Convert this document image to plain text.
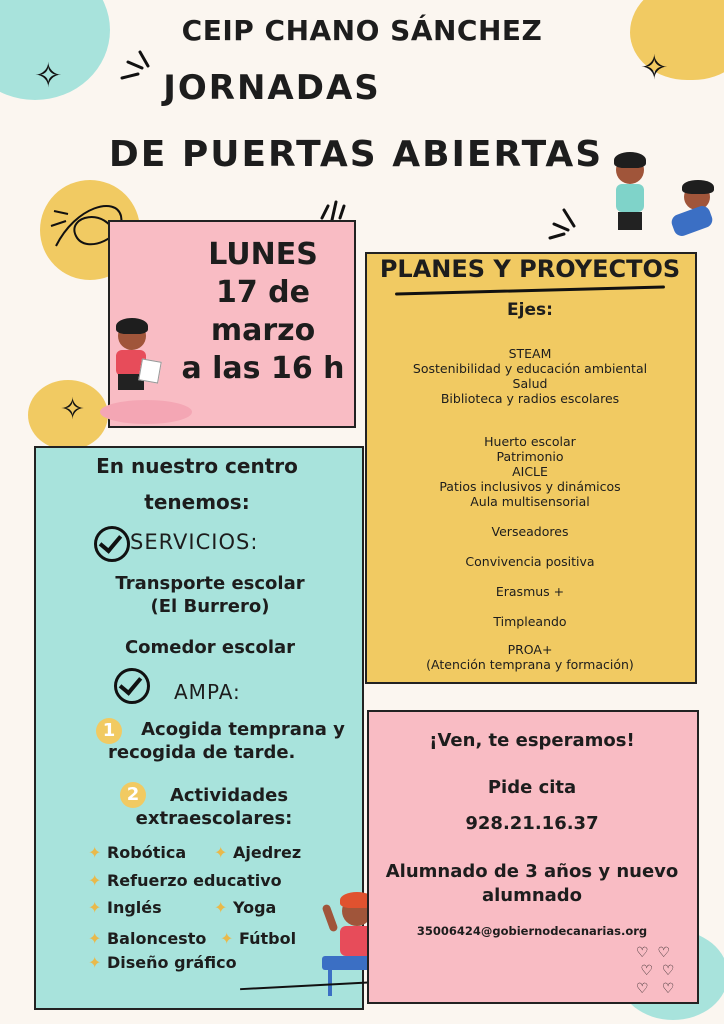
✧	✧
✧
CEIP CHANO SÁNCHEZ
JORNADAS
DE PUERTAS ABIERTAS
LUNES
17 de
marzo
a las 16 h
PLANES Y PROYECTOS
Ejes:
STEAM
Sostenibilidad y educación ambiental
Salud
Biblioteca y radios escolares
Huerto escolar
Patrimonio
AICLE
Patios inclusivos y dinámicos
Aula multisensorial
Verseadores
Convivencia positiva
Erasmus +
Timpleando
PROA+
(Atención temprana y formación)
En nuestro centro
tenemos:
SERVICIOS:
Transporte escolar
(El Burrero)
Comedor escolar
AMPA:
1	Acogida temprana y
recogida de tarde.
2	Actividades
extraescolares:
✦ Robótica ✦ Ajedrez
✦ Refuerzo educativo
✦ Inglés	✦ Yoga
✦ Baloncesto ✦ Fútbol
✦ Diseño gráfico
¡Ven, te esperamos!
Pide cita
928.21.16.37
Alumnado de 3 años y nuevo
alumnado
35006424@gobiernodecanarias.org
♡  ♡
♡  ♡
♡   ♡
